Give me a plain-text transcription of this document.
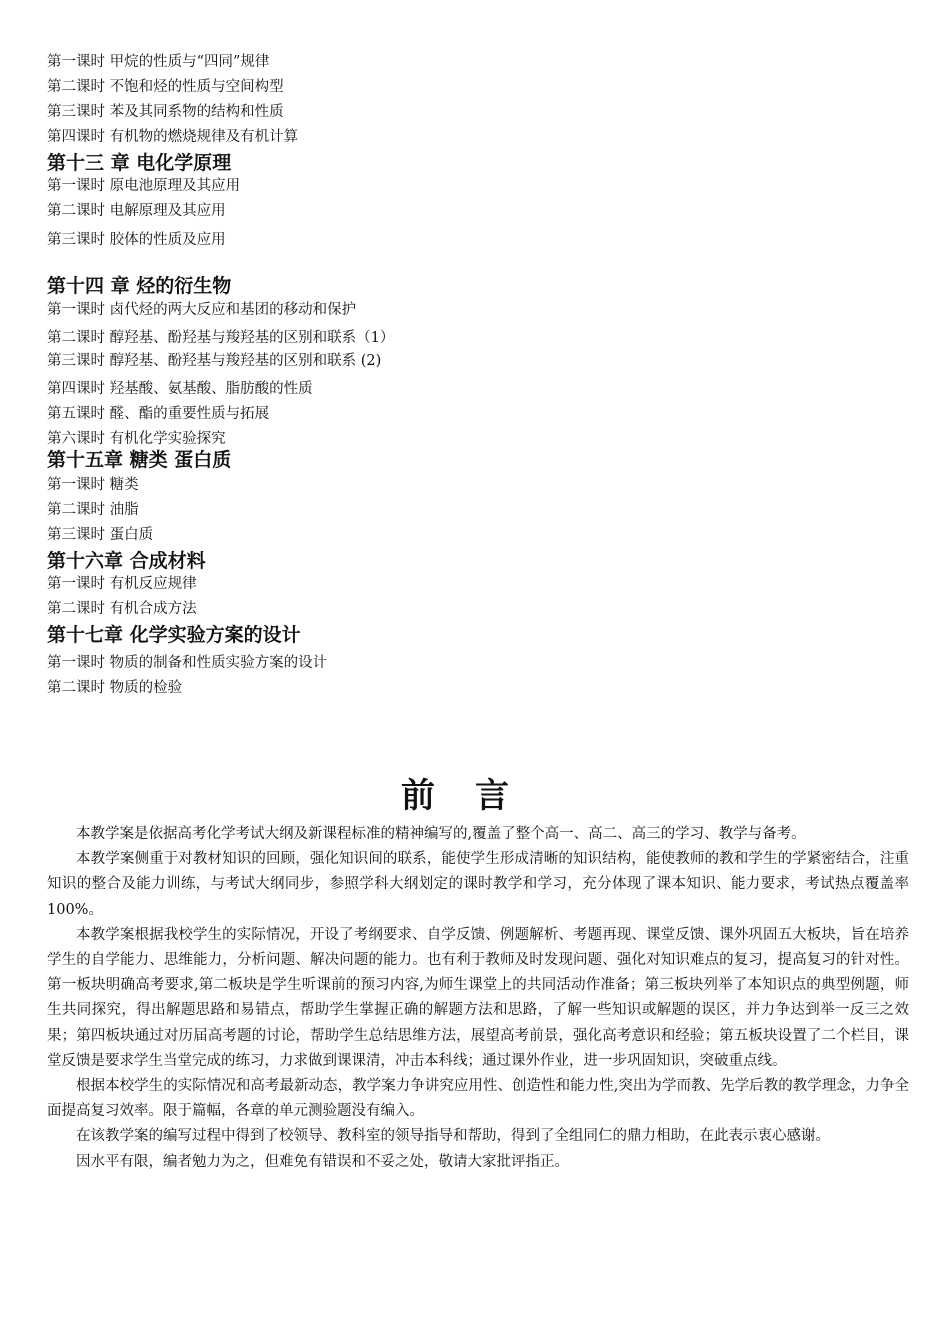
第一课时 甲烷的性质与“四同”规律
第二课时 不饱和烃的性质与空间构型
第三课时 苯及其同系物的结构和性质
第四课时 有机物的燃烧规律及有机计算
第十三 章 电化学原理
第一课时 原电池原理及其应用
第二课时 电解原理及其应用
第三课时 胶体的性质及应用
第十四 章 烃的衍生物
第一课时 卤代烃的两大反应和基团的移动和保护
第二课时 醇羟基、酚羟基与羧羟基的区别和联系（1）
第三课时 醇羟基、酚羟基与羧羟基的区别和联系 (2)
第四课时 羟基酸、氨基酸、脂肪酸的性质
第五课时 醛、酯的重要性质与拓展
第六课时 有机化学实验探究
第十五章 糖类 蛋白质
第一课时 糖类
第二课时 油脂
第三课时 蛋白质
第十六章 合成材料
第一课时 有机反应规律
第二课时 有机合成方法
第十七章 化学实验方案的设计
第一课时 物质的制备和性质实验方案的设计
第二课时 物质的检验
前言

本教学案是依据高考化学考试大纲及新课程标准的精神编写的,覆盖了整个高一、高二、高三的学习、教学与备考。

本教学案侧重于对教材知识的回顾，强化知识间的联系，能使学生形成清晰的知识结构，能使教师的教和学生的学紧密结合，注重知识的整合及能力训练，与考试大纲同步，参照学科大纲划定的课时教学和学习，充分体现了课本知识、能力要求，考试热点覆盖率100%。

本教学案根据我校学生的实际情况，开设了考纲要求、自学反馈、例题解析、考题再现、课堂反馈、课外巩固五大板块，旨在培养学生的自学能力、思维能力，分析问题、解决问题的能力。也有利于教师及时发现问题、强化对知识难点的复习，提高复习的针对性。第一板块明确高考要求,第二板块是学生听课前的预习内容,为师生课堂上的共同活动作准备；第三板块列举了本知识点的典型例题，师生共同探究，得出解题思路和易错点，帮助学生掌握正确的解题方法和思路，了解一些知识或解题的误区，并力争达到举一反三之效果；第四板块通过对历届高考题的讨论，帮助学生总结思维方法，展望高考前景，强化高考意识和经验；第五板块设置了二个栏目，课堂反馈是要求学生当堂完成的练习，力求做到课课清，冲击本科线；通过课外作业，进一步巩固知识，突破重点线。

根据本校学生的实际情况和高考最新动态，教学案力争讲究应用性、创造性和能力性,突出为学而教、先学后教的教学理念，力争全面提高复习效率。限于篇幅，各章的单元测验题没有编入。

在该教学案的编写过程中得到了校领导、教科室的领导指导和帮助，得到了全组同仁的鼎力相助，在此表示衷心感谢。

因水平有限，编者勉力为之，但难免有错误和不妥之处，敬请大家批评指正。
